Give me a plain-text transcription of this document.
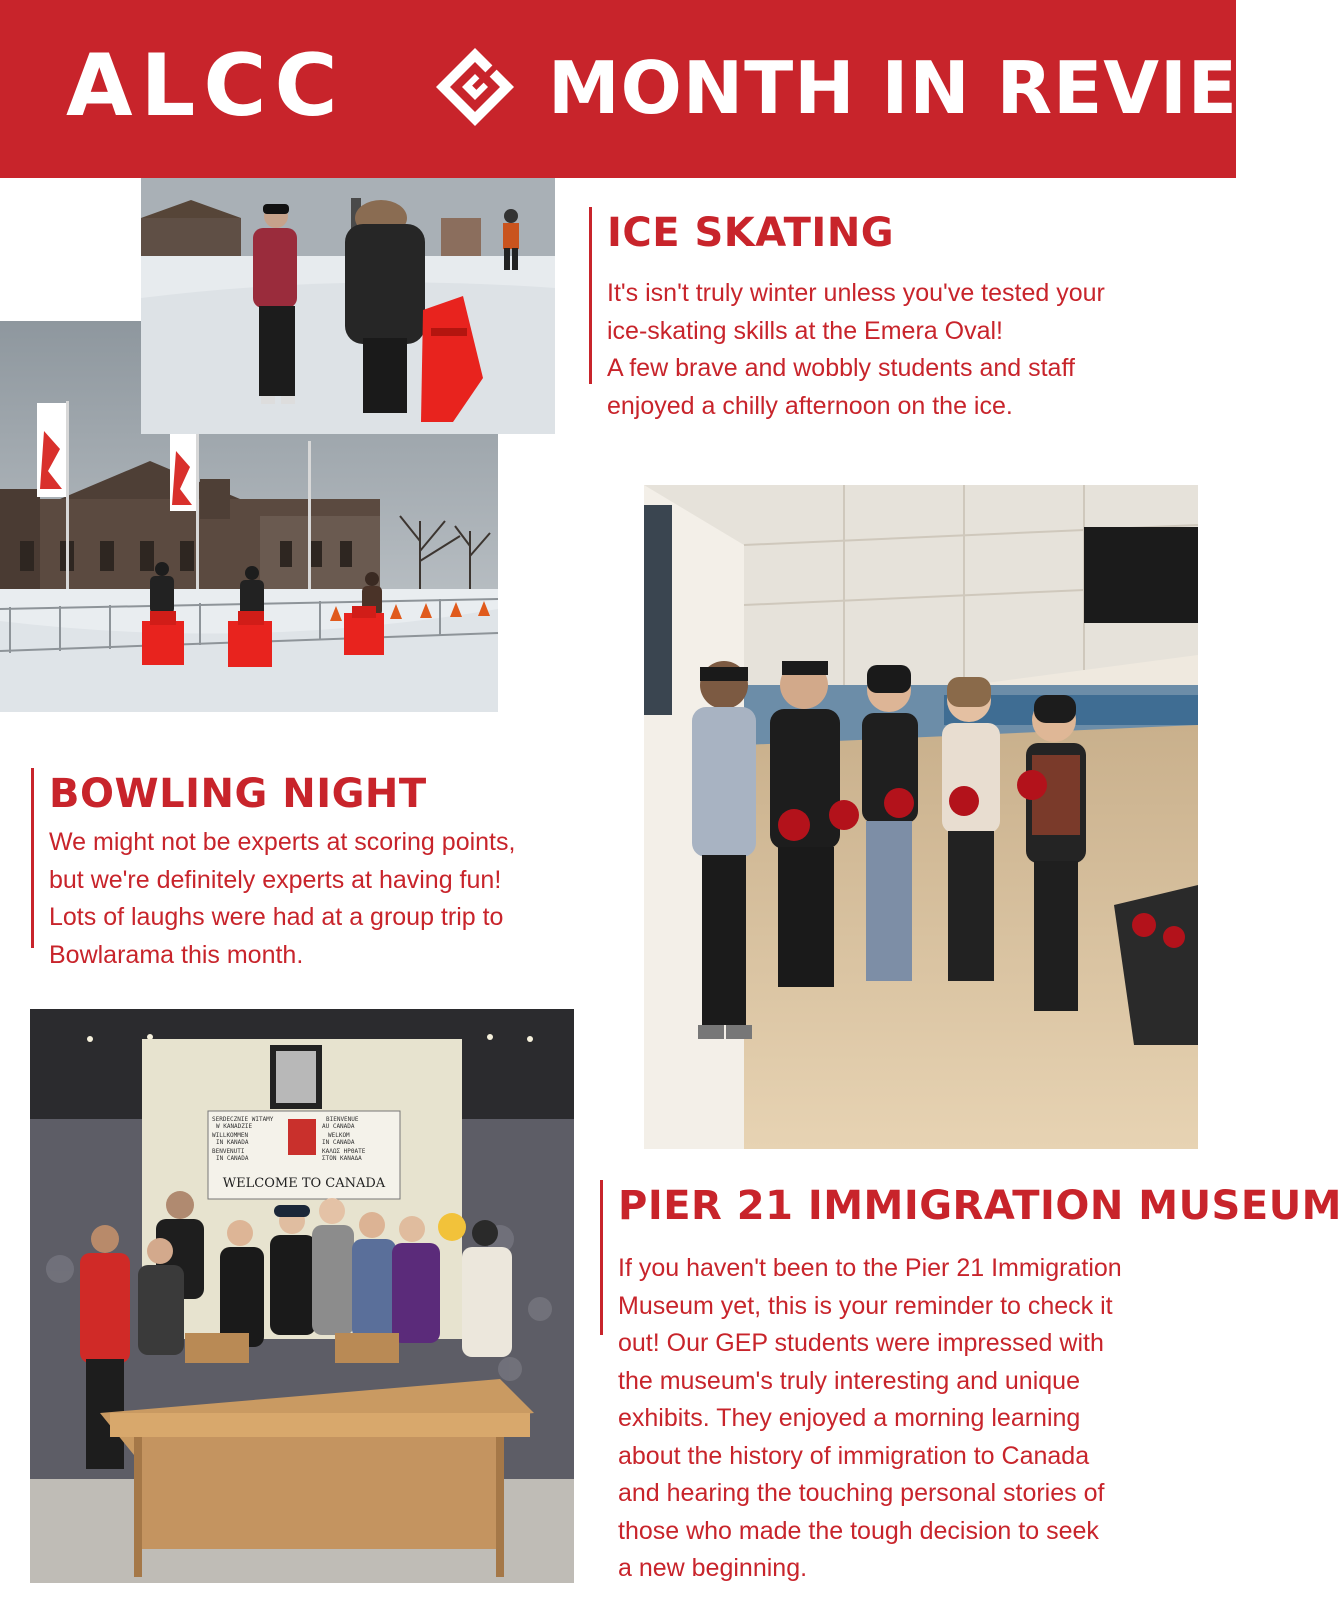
ALCC	MONTH IN REVIEW
ICE SKATING

It's isn't truly winter unless you've tested your
ice-skating skills at the Emera Oval!
A few brave and wobbly students and staff
enjoyed a chilly afternoon on the ice.

BOWLING NIGHT

We might not be experts at scoring points,
but we're definitely experts at having fun!
Lots of laughs were had at a group trip to
Bowlarama this month.

SERDECZNIE WITAMY
W KANADZIE
WILLKOMMEN
IN KANADA
BENVENUTI
IN CANADA
BIENVENUE
AU CANADA
WELKOM
IN CANADA
ΚΑΛΩΣ ΗΡΘΑΤΕ
ΣΤΟΝ ΚΑΝΑΔΑ
WELCOME TO CANADA	PIER 21 IMMIGRATION MUSEUM

If you haven't been to the Pier 21 Immigration
Museum yet, this is your reminder to check it
out! Our GEP students were impressed with
the museum's truly interesting and unique
exhibits. They enjoyed a morning learning
about the history of immigration to Canada
and hearing the touching personal stories of
those who made the tough decision to seek
a new beginning.
